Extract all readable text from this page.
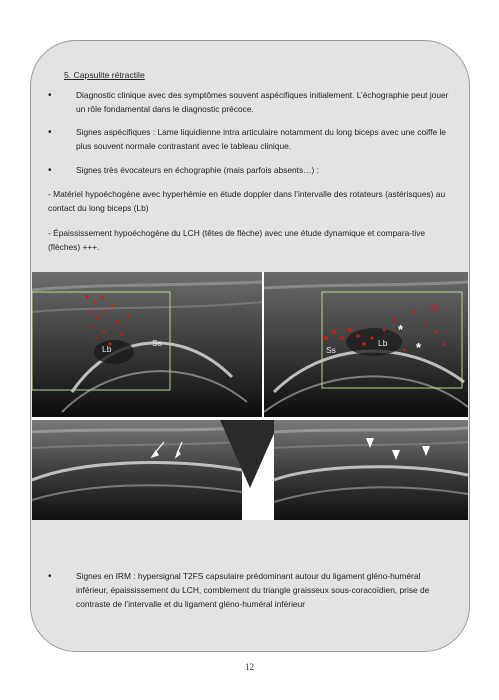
5. Capsulite rétractile
•	Diagnostic clinique avec des symptômes souvent aspécifiques initialement. L’échographie peut jouer un rôle fondamental dans le diagnostic précoce.
•	Signes aspécifiques : Lame liquidienne intra articulaire notamment du long biceps avec une coiffe le plus souvent normale contrastant avec le tableau clinique.
•	Signes très évocateurs en échographie (mais parfois absents…) :
- Matériel hypoéchogène avec hyperhémie en étude doppler dans l’intervalle des rotateurs (astérisques) au contact du long biceps (Lb)
- Épaississement hypoéchogène du LCH (têtes de flèche) avec une étude dynamique et compara-tive (flèches) +++.
Lb
Ss
Ss
Lb
*
*
•	Signes en IRM : hypersignal T2FS capsulaire prédominant autour du ligament gléno-huméral inférieur, épaississement du LCH, comblement du triangle graisseux sous-coracoïdien, prise de contraste de l’intervalle et du ligament gléno-huméral inférieur
12
